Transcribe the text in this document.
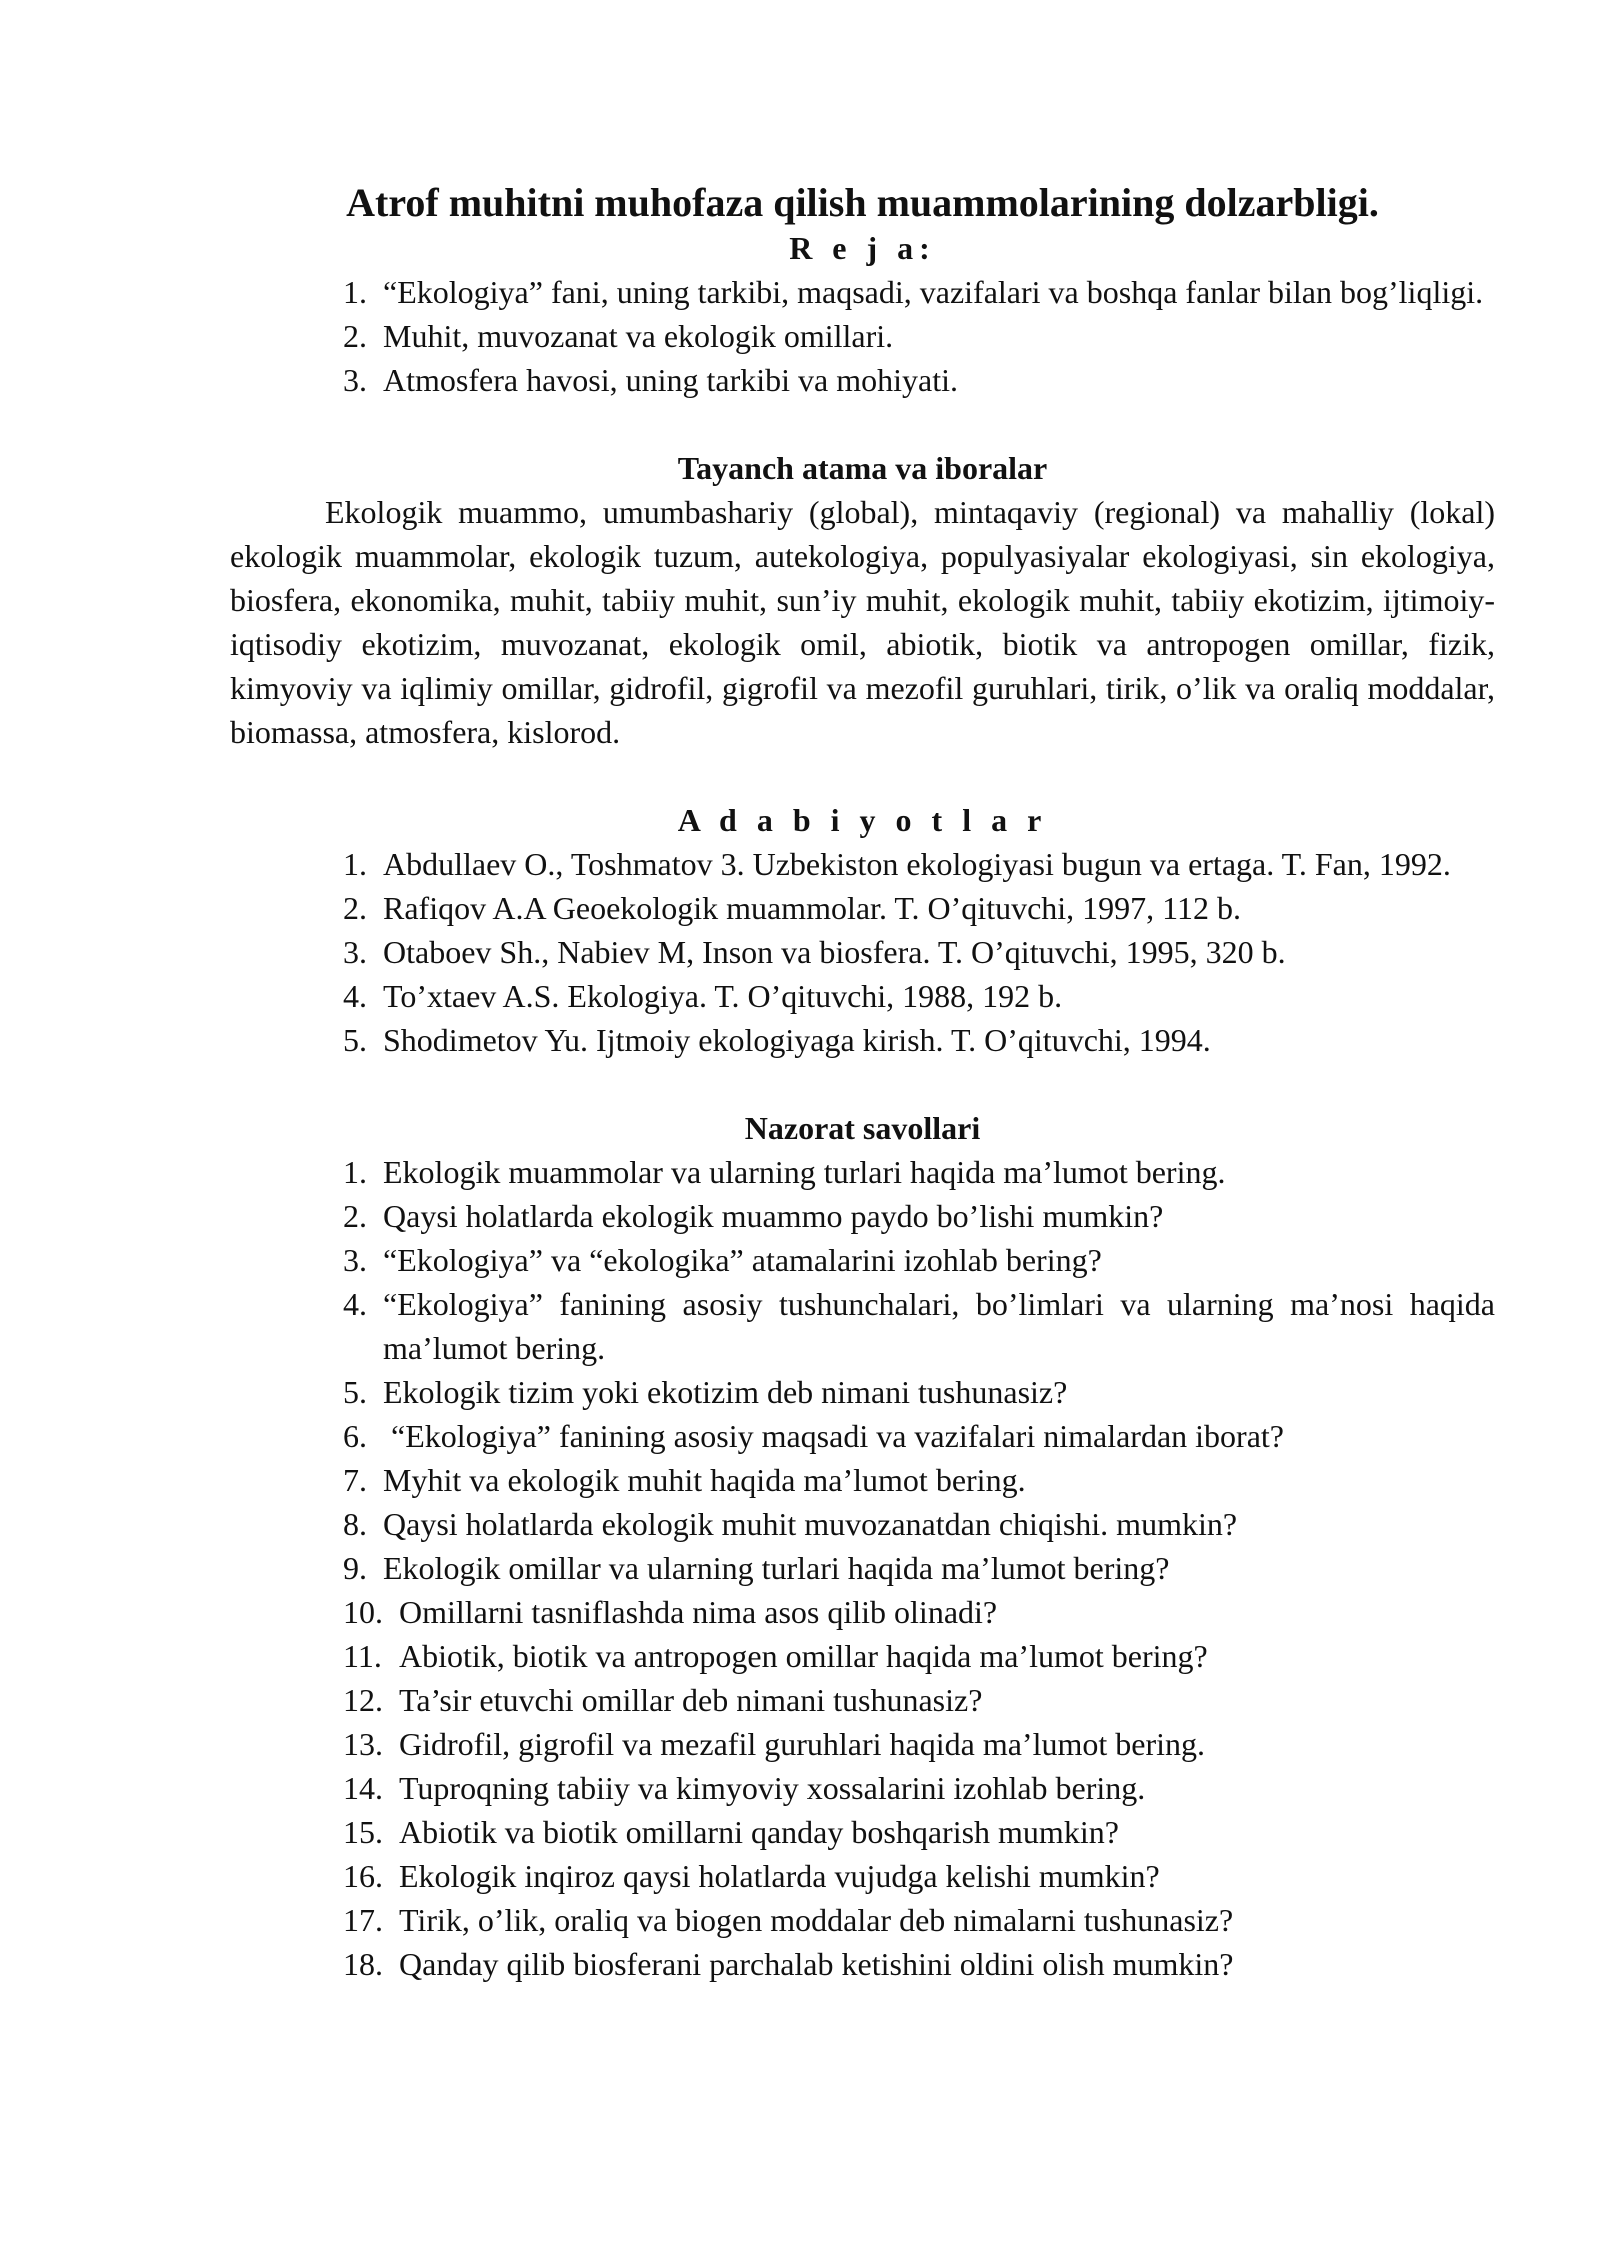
Atrof muhitni muhofaza qilish muammolarining dolzarbligi.
R e j a:
1. “Ekologiya” fani, uning tarkibi, maqsadi, vazifalari va boshqa fanlar bilan bog’liqligi.
2. Muhit, muvozanat va ekologik omillari.
3. Atmosfera havosi, uning tarkibi va mohiyati.
Tayanch atama va iboralar

Ekologik muammo, umumbashariy (global), mintaqaviy (regional) va mahalliy (lokal) ekologik muammolar, ekologik tuzum, autekologiya, populyasiyalar ekologiyasi, sin ekologiya, biosfera, ekonomika, muhit, tabiiy muhit, sun’iy muhit, ekologik muhit, tabiiy ekotizim, ijtimoiy-iqtisodiy ekotizim, muvozanat, ekologik omil, abiotik, biotik va antropogen omillar, fizik, kimyoviy va iqlimiy omillar, gidrofil, gigrofil va mezofil guruhlari, tirik, o’lik va oraliq moddalar, biomassa, atmosfera, kislorod.

A d a b i y o t l a r
1. Abdullaev O., Toshmatov 3. Uzbekiston ekologiyasi bugun va ertaga. T. Fan, 1992.
2. Rafiqov A.A Geoekologik muammolar. T. O’qituvchi, 1997, 112 b.
3. Otaboev Sh., Nabiev M, Inson va biosfera. T. O’qituvchi, 1995, 320 b.
4. To’xtaev A.S. Ekologiya. T. O’qituvchi, 1988, 192 b.
5. Shodimetov Yu. Ijtmoiy ekologiyaga kirish. T. O’qituvchi, 1994.
Nazorat savollari
1. Ekologik muammolar va ularning turlari haqida ma’lumot bering.
2. Qaysi holatlarda ekologik muammo paydo bo’lishi mumkin?
3. “Ekologiya” va “ekologika” atamalarini izohlab bering?
4. “Ekologiya” fanining asosiy tushunchalari, bo’limlari va ularning ma’nosi haqida ma’lumot bering.
5. Ekologik tizim yoki ekotizim deb nimani tushunasiz?
6. “Ekologiya” fanining asosiy maqsadi va vazifalari nimalardan iborat?
7. Myhit va ekologik muhit haqida ma’lumot bering.
8. Qaysi holatlarda ekologik muhit muvozanatdan chiqishi. mumkin?
9. Ekologik omillar va ularning turlari haqida ma’lumot bering?
10. Omillarni tasniflashda nima asos qilib olinadi?
11. Abiotik, biotik va antropogen omillar haqida ma’lumot bering?
12. Ta’sir etuvchi omillar deb nimani tushunasiz?
13. Gidrofil, gigrofil va mezafil guruhlari haqida ma’lumot bering.
14. Tuproqning tabiiy va kimyoviy xossalarini izohlab bering.
15. Abiotik va biotik omillarni qanday boshqarish mumkin?
16. Ekologik inqiroz qaysi holatlarda vujudga kelishi mumkin?
17. Tirik, o’lik, oraliq va biogen moddalar deb nimalarni tushunasiz?
18. Qanday qilib biosferani parchalab ketishini oldini olish mumkin?
